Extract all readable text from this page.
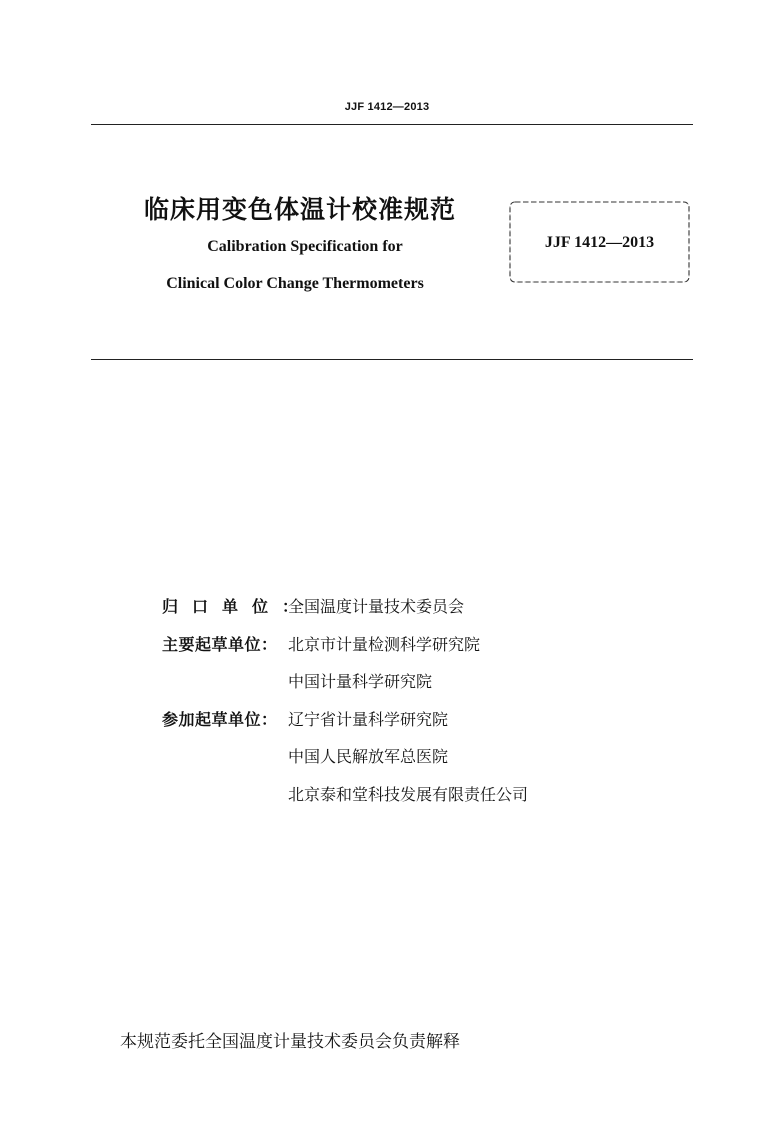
JJF 1412—2013
临床用变色体温计校准规范
Calibration Specification for
Clinical Color Change Thermometers
JJF 1412—2013
归口单位：
全国温度计量技术委员会
主要起草单位： 北京市计量检测科学研究院
中国计量科学研究院
参加起草单位： 辽宁省计量科学研究院
中国人民解放军总医院
北京泰和堂科技发展有限责任公司
本规范委托全国温度计量技术委员会负责解释
